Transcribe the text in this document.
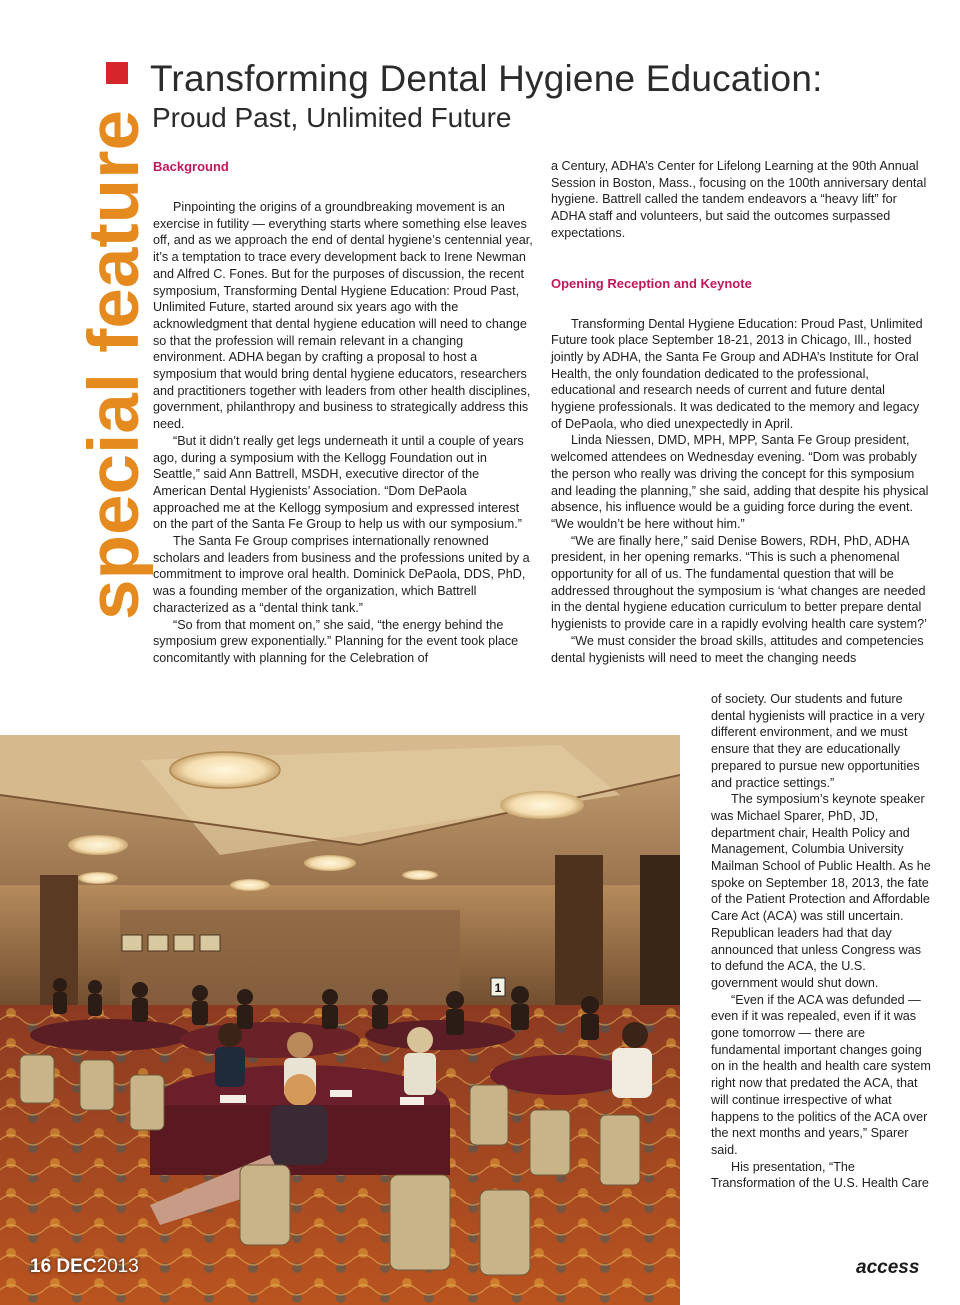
special feature
Transforming Dental Hygiene Education:
Proud Past, Unlimited Future
Background

Pinpointing the origins of a groundbreaking movement is an exercise in futility — everything starts where something else leaves off, and as we approach the end of dental hygiene’s centennial year, it’s a temptation to trace every development back to Irene Newman and Alfred C. Fones. But for the purposes of discussion, the recent symposium, Transforming Dental Hygiene Education: Proud Past, Unlimited Future, started around six years ago with the acknowledgment that dental hygiene education will need to change so that the profession will remain relevant in a changing environment. ADHA began by crafting a proposal to host a symposium that would bring dental hygiene educators, researchers and practitioners together with leaders from other health disciplines, government, philanthropy and business to strategically address this need.

“But it didn’t really get legs underneath it until a couple of years ago, during a symposium with the Kellogg Foundation out in Seattle,” said Ann Battrell, MSDH, executive director of the American Dental Hygienists’ Association. “Dom DePaola approached me at the Kellogg symposium and expressed interest on the part of the Santa Fe Group to help us with our symposium.”

The Santa Fe Group comprises internationally renowned scholars and leaders from business and the professions united by a commitment to improve oral health. Dominick DePaola, DDS, PhD, was a founding member of the organization, which Battrell characterized as a “dental think tank.”

“So from that moment on,” she said, “the energy behind the symposium grew exponentially.” Planning for the event took place concomitantly with planning for the Celebration of

a Century, ADHA’s Center for Lifelong Learning at the 90th Annual Session in Boston, Mass., focusing on the 100th anniversary dental hygiene. Battrell called the tandem endeavors a “heavy lift” for ADHA staff and volunteers, but said the outcomes surpassed expectations.

Opening Reception and Keynote

Transforming Dental Hygiene Education: Proud Past, Unlimited Future took place September 18-21, 2013 in Chicago, Ill., hosted jointly by ADHA, the Santa Fe Group and ADHA’s Institute for Oral Health, the only foundation dedicated to the professional, educational and research needs of current and future dental hygiene professionals. It was dedicated to the memory and legacy of DePaola, who died unexpectedly in April.

Linda Niessen, DMD, MPH, MPP, Santa Fe Group president, welcomed attendees on Wednesday evening. “Dom was probably the person who really was driving the concept for this symposium and leading the planning,” she said, adding that despite his physical absence, his influence would be a guiding force during the event. “We wouldn’t be here without him.”

“We are finally here,” said Denise Bowers, RDH, PhD, ADHA president, in her opening remarks. “This is such a phenomenal opportunity for all of us. The fundamental question that will be addressed throughout the symposium is ‘what changes are needed in the dental hygiene education curriculum to better prepare dental hygienists to provide care in a rapidly evolving health care system?’

“We must consider the broad skills, attitudes and competencies dental hygienists will need to meet the changing needs

of society. Our students and future dental hygienists will practice in a very different environment, and we must ensure that they are educationally prepared to pursue new opportunities and practice settings.”

The symposium’s keynote speaker was Michael Sparer, PhD, JD, department chair, Health Policy and Management, Columbia University Mailman School of Public Health. As he spoke on September 18, 2013, the fate of the Patient Protection and Affordable Care Act (ACA) was still uncertain. Republican leaders had that day announced that unless Congress was to defund the ACA, the U.S. government would shut down.

“Even if the ACA was defunded — even if it was repealed, even if it was gone tomorrow — there are fundamental important changes going on in the health and health care system right now that predated the ACA, that will continue irrespective of what happens to the politics of the ACA over the next months and years,” Sparer said.

His presentation, “The Transformation of the U.S. Health Care

1
16 DEC2013	access
